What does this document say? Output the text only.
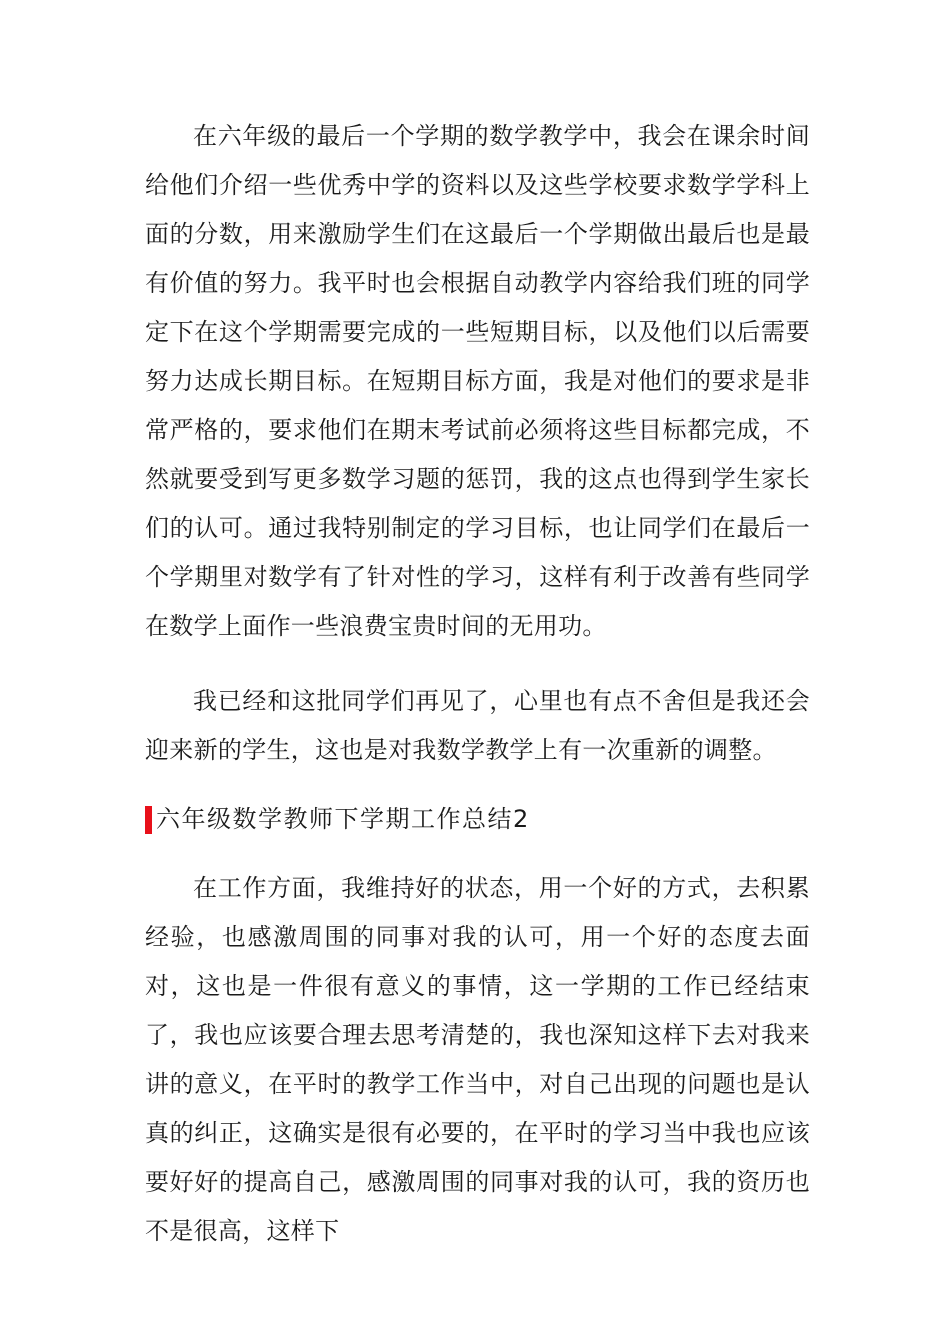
在六年级的最后一个学期的数学教学中，我会在课余时间给他们介绍一些优秀中学的资料以及这些学校要求数学学科上面的分数，用来激励学生们在这最后一个学期做出最后也是最有价值的努力。我平时也会根据自动教学内容给我们班的同学定下在这个学期需要完成的一些短期目标，以及他们以后需要努力达成长期目标。在短期目标方面，我是对他们的要求是非常严格的，要求他们在期末考试前必须将这些目标都完成，不然就要受到写更多数学习题的惩罚，我的这点也得到学生家长们的认可。通过我特别制定的学习目标，也让同学们在最后一个学期里对数学有了针对性的学习，这样有利于改善有些同学在数学上面作一些浪费宝贵时间的无用功。

我已经和这批同学们再见了，心里也有点不舍但是我还会迎来新的学生，这也是对我数学教学上有一次重新的调整。

六年级数学教师下学期工作总结2

在工作方面，我维持好的状态，用一个好的方式，去积累经验，也感激周围的同事对我的认可，用一个好的态度去面对，这也是一件很有意义的事情，这一学期的工作已经结束了，我也应该要合理去思考清楚的，我也深知这样下去对我来讲的意义，在平时的教学工作当中，对自己出现的问题也是认真的纠正，这确实是很有必要的，在平时的学习当中我也应该要好好的提高自己，感激周围的同事对我的认可，我的资历也不是很高，这样下
